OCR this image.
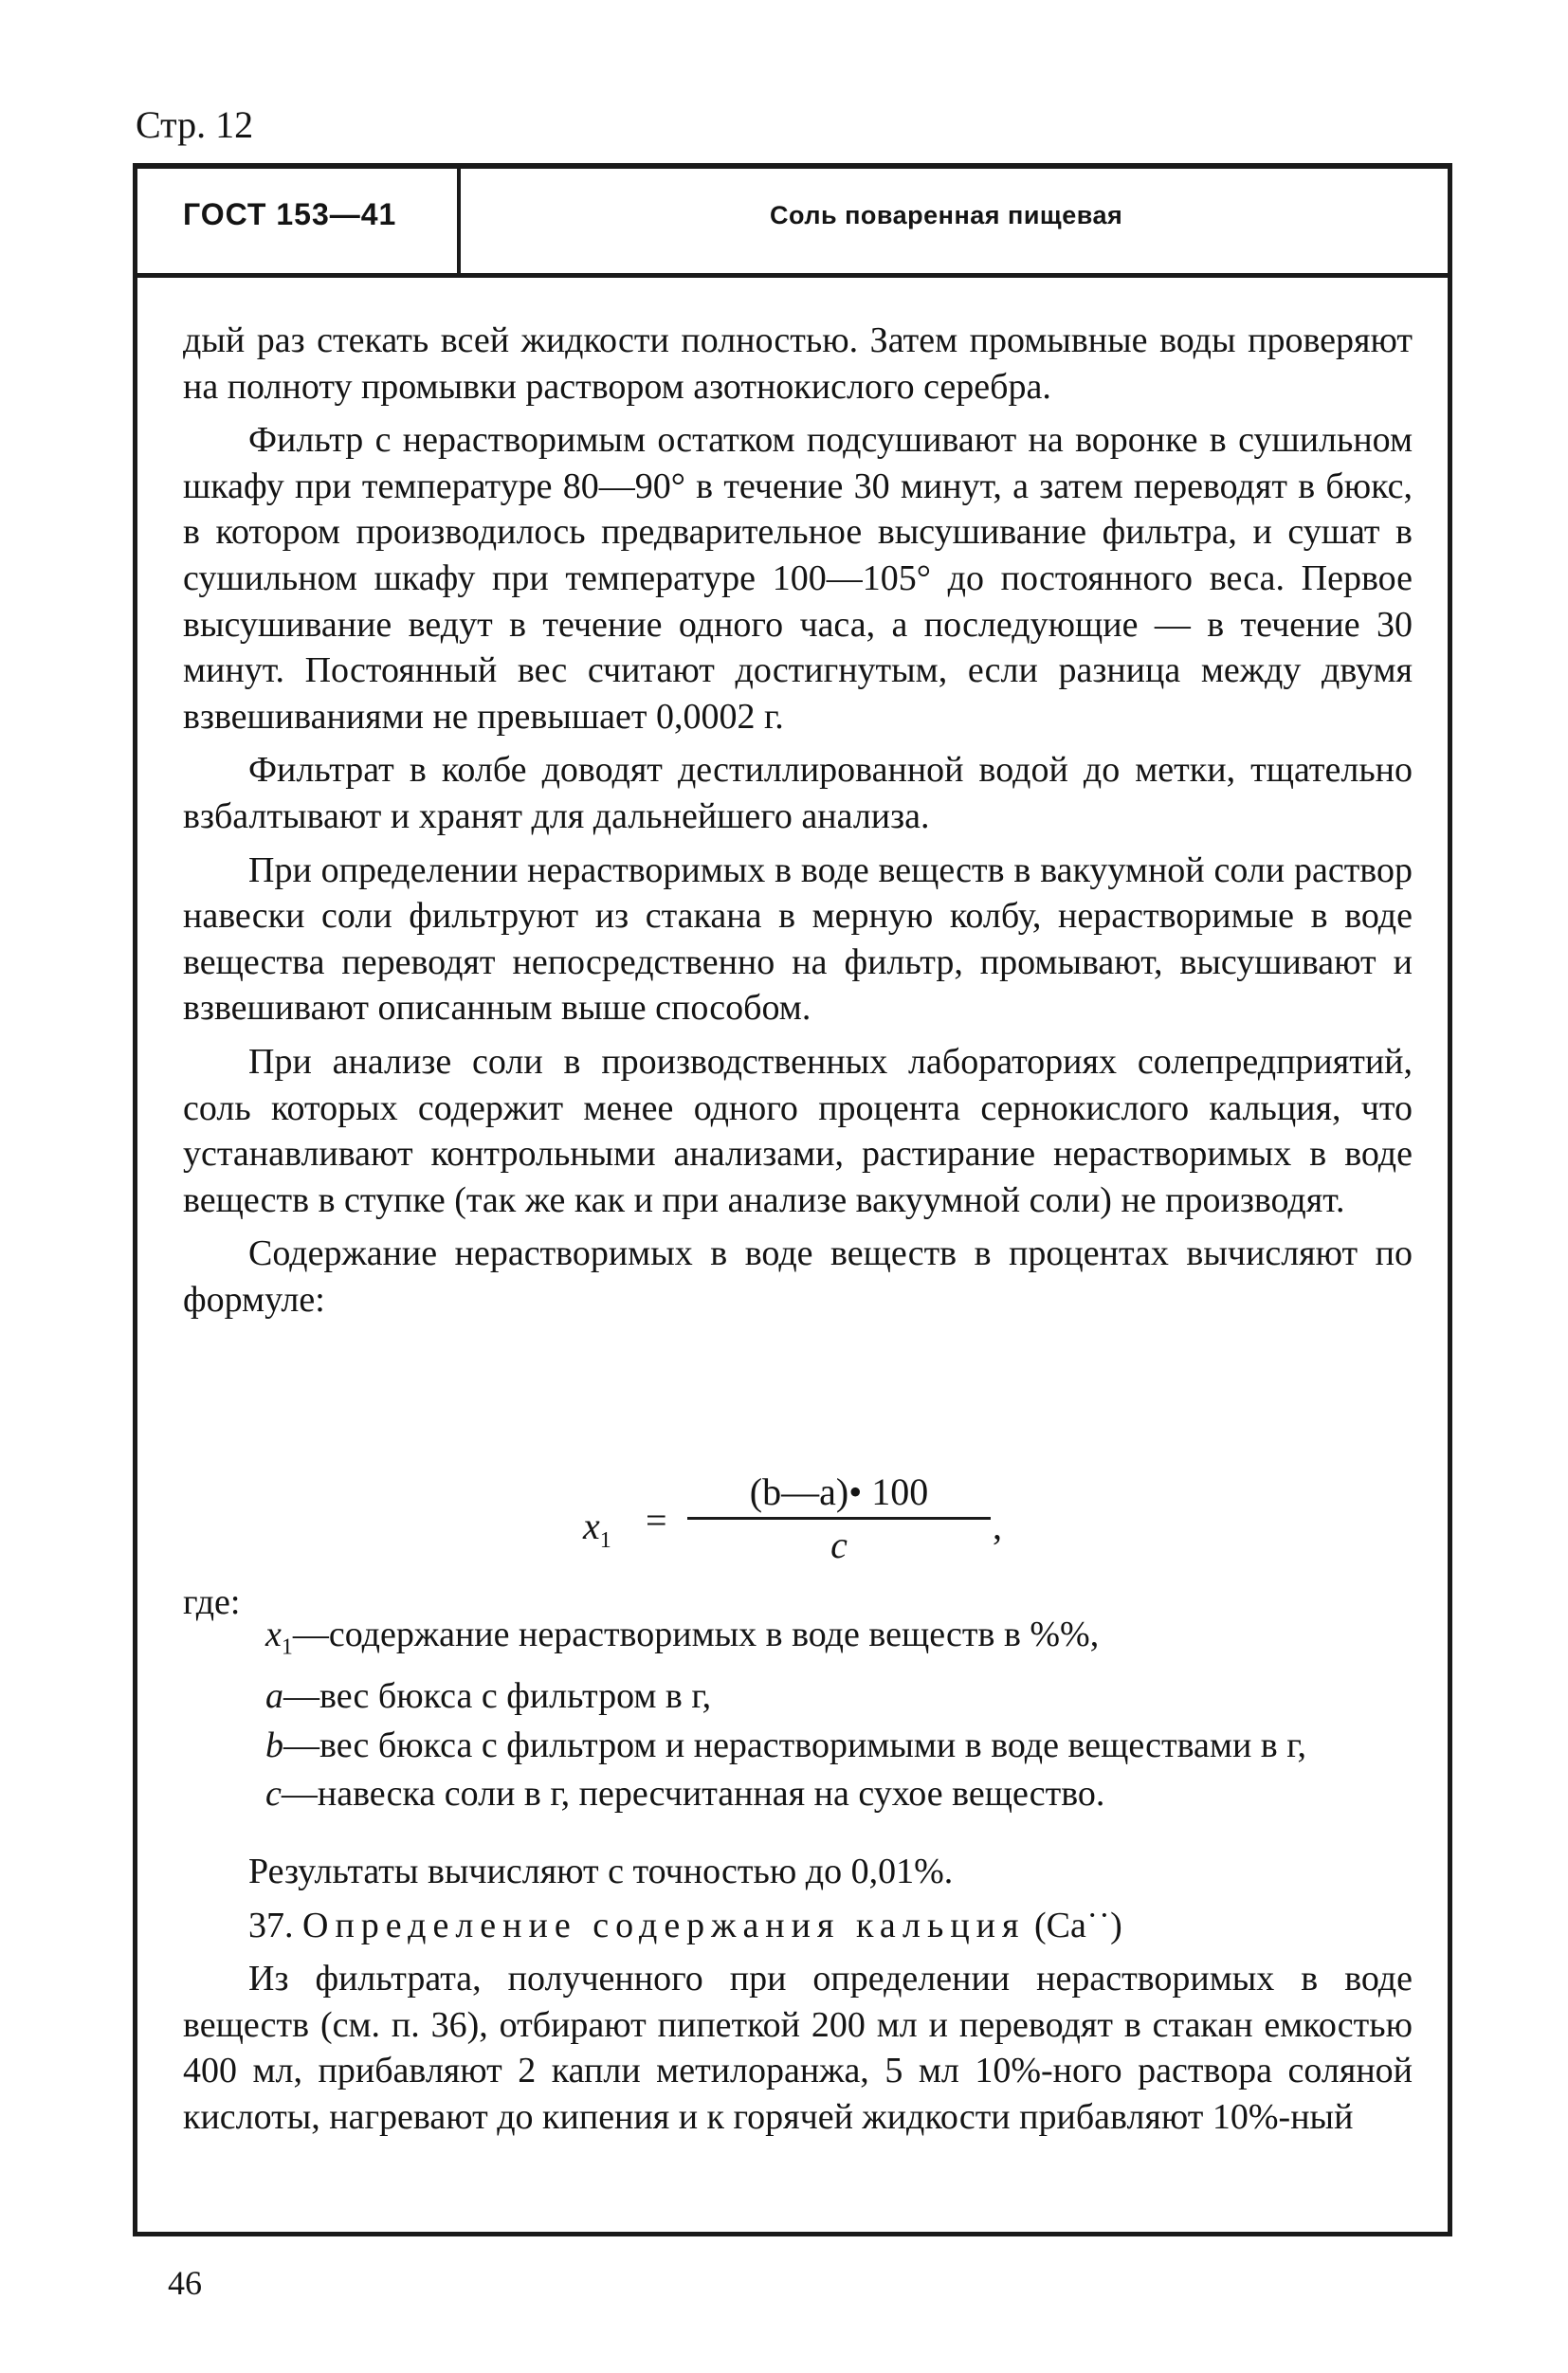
Стр. 12
ГОСТ 153—41	Соль поваренная пищевая

дый раз стекать всей жидкости полностью. Затем промывные воды проверяют на полноту промывки раствором азотнокислого серебра.

Фильтр с нерастворимым остатком подсушивают на воронке в сушильном шкафу при температуре 80—90° в течение 30 минут, а затем переводят в бюкс, в котором производилось предварительное высушивание фильтра, и сушат в сушильном шкафу при температуре 100—105° до постоянного веса. Первое высушивание ведут в течение одного часа, а последующие — в течение 30 минут. Постоянный вес считают достигнутым, если разница между двумя взвешиваниями не превышает 0,0002 г.

Фильтрат в колбе доводят дестиллированной водой до метки, тщательно взбалтывают и хранят для дальнейшего анализа.

При определении нерастворимых в воде веществ в вакуумной соли раствор навески соли фильтруют из стакана в мерную колбу, нерастворимые в воде вещества переводят непосредственно на фильтр, промывают, высушивают и взвешивают описанным выше способом.

При анализе соли в производственных лабораториях солепредприятий, соль которых содержит менее одного процента сернокислого кальция, что устанавливают контрольными анализами, растирание нерастворимых в воде веществ в ступке (так же как и при анализе вакуумной соли) не производят.

Содержание нерастворимых в воде веществ в процентах вычисляют по формуле:

$x_1$ =
(b—a)• 100
c	,
где:

$x_1—содержание$ нерастворимых в воде веществ в %%,

a—вес бюкса с фильтром в г,

b—вес бюкса с фильтром и нерастворимыми в воде веществами в г,

c—навеска соли в г, пересчитанная на сухое вещество.

Результаты вычисляют с точностью до 0,01%.

37. Определение содержания кальция (Ca˙˙)

Из фильтрата, полученного при определении нерастворимых в воде веществ (см. п. 36), отбирают пипеткой 200 мл и переводят в стакан емкостью 400 мл, прибавляют 2 капли метилоранжа, 5 мл 10%-ного раствора соляной кислоты, нагревают до кипения и к горячей жидкости прибавляют 10%-ный

46
